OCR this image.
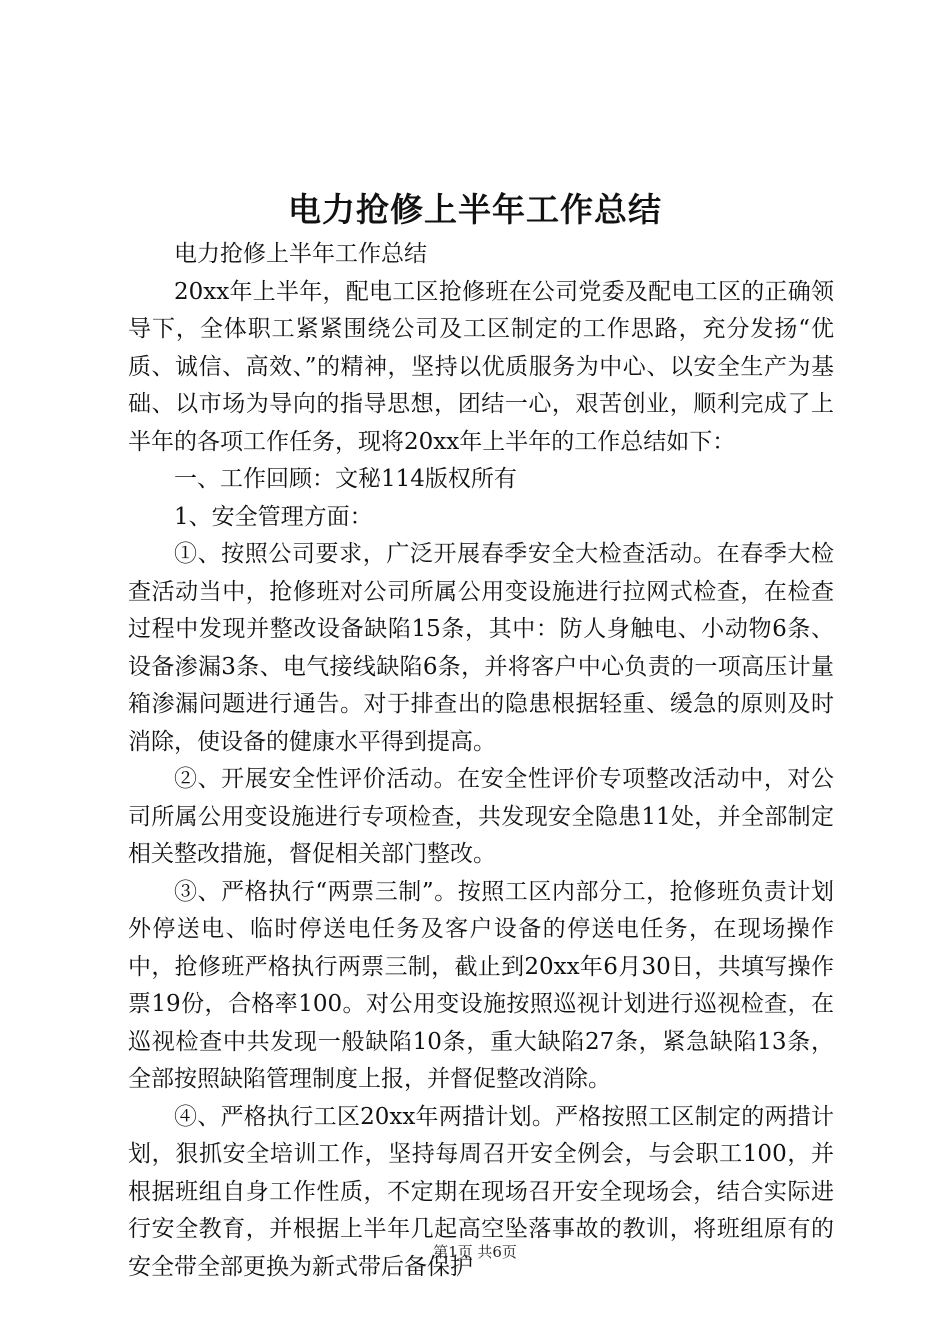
电力抢修上半年工作总结

电力抢修上半年工作总结

20xx年上半年，配电工区抢修班在公司党委及配电工区的正确领导下，全体职工紧紧围绕公司及工区制定的工作思路，充分发扬“优质、诚信、高效、”的精神，坚持以优质服务为中心、以安全生产为基础、以市场为导向的指导思想，团结一心，艰苦创业，顺利完成了上半年的各项工作任务，现将20xx年上半年的工作总结如下：

一、工作回顾：文秘114版权所有

1、安全管理方面：

①、按照公司要求，广泛开展春季安全大检查活动。在春季大检查活动当中，抢修班对公司所属公用变设施进行拉网式检查，在检查过程中发现并整改设备缺陷15条，其中：防人身触电、小动物6条、设备渗漏3条、电气接线缺陷6条，并将客户中心负责的一项高压计量箱渗漏问题进行通告。对于排查出的隐患根据轻重、缓急的原则及时消除，使设备的健康水平得到提高。

②、开展安全性评价活动。在安全性评价专项整改活动中，对公司所属公用变设施进行专项检查，共发现安全隐患11处，并全部制定相关整改措施，督促相关部门整改。

③、严格执行“两票三制”。按照工区内部分工，抢修班负责计划外停送电、临时停送电任务及客户设备的停送电任务，在现场操作中，抢修班严格执行两票三制，截止到20xx年6月30日，共填写操作票19份，合格率100。对公用变设施按照巡视计划进行巡视检查，在巡视检查中共发现一般缺陷10条，重大缺陷27条，紧急缺陷13条，全部按照缺陷管理制度上报，并督促整改消除。

④、严格执行工区20xx年两措计划。严格按照工区制定的两措计划，狠抓安全培训工作，坚持每周召开安全例会，与会职工100，并根据班组自身工作性质，不定期在现场召开安全现场会，结合实际进行安全教育，并根据上半年几起高空坠落事故的教训，将班组原有的安全带全部更换为新式带后备保护

第1页 共6页
